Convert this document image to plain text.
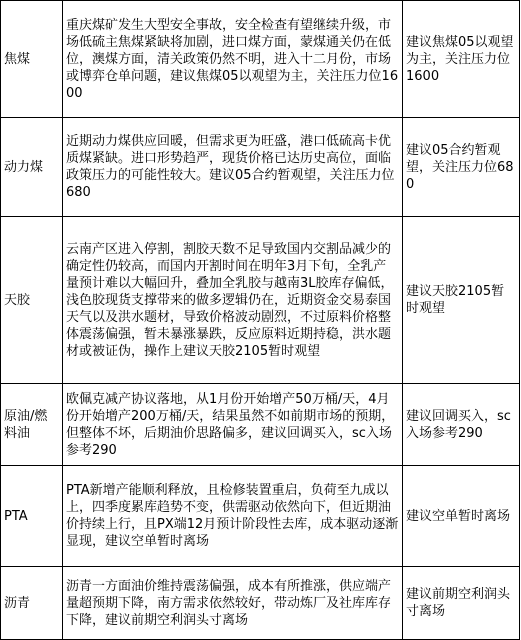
焦煤	重庆煤矿发生大型安全事故，安全检查有望继续升级，市场低硫主焦煤紧缺将加剧，进口煤方面，蒙煤通关仍在低位，澳煤方面，清关政策仍然不明，进入十二月份，市场或博弈仓单问题，建议焦煤05以观望为主，关注压力位1600	建议焦煤05以观望为主，关注压力位1600
动力煤	近期动力煤供应回暖，但需求更为旺盛，港口低硫高卡优质煤紧缺。进口形势趋严，现货价格已达历史高位，面临政策压力的可能性较大。建议05合约暂观望，关注压力位680	建议05合约暂观望，关注压力位680
天胶	云南产区进入停割，割胶天数不足导致国内交割品减少的确定性仍较高，而国内开割时间在明年3月下旬，全乳产量预计难以大幅回升，叠加全乳胶与越南3L胶库存偏低，浅色胶现货支撑带来的做多逻辑仍在，近期资金交易泰国天气以及洪水题材，导致价格波动剧烈，不过原料价格整体震荡偏强，暂未暴涨暴跌，反应原料近期持稳，洪水题材或被证伪，操作上建议天胶2105暂时观望	建议天胶2105暂时观望
原油/燃料油	欧佩克减产协议落地，从1月份开始增产50万桶/天，4月份开始增产200万桶/天，结果虽然不如前期市场的预期，但整体不坏，后期油价思路偏多，建议回调买入，sc入场参考290	建议回调买入，sc入场参考290
PTA	PTA新增产能顺利释放，且检修装置重启，负荷至九成以上，四季度累库趋势不变，供需驱动依然向下，但近期油价持续上行，且PX端12月预计阶段性去库，成本驱动逐渐显现，建议空单暂时离场	建议空单暂时离场
沥青	沥青一方面油价维持震荡偏强，成本有所推涨，供应端产量超预期下降，南方需求依然较好，带动炼厂及社库库存下降，建议前期空利润头寸离场	建议前期空利润头寸离场
